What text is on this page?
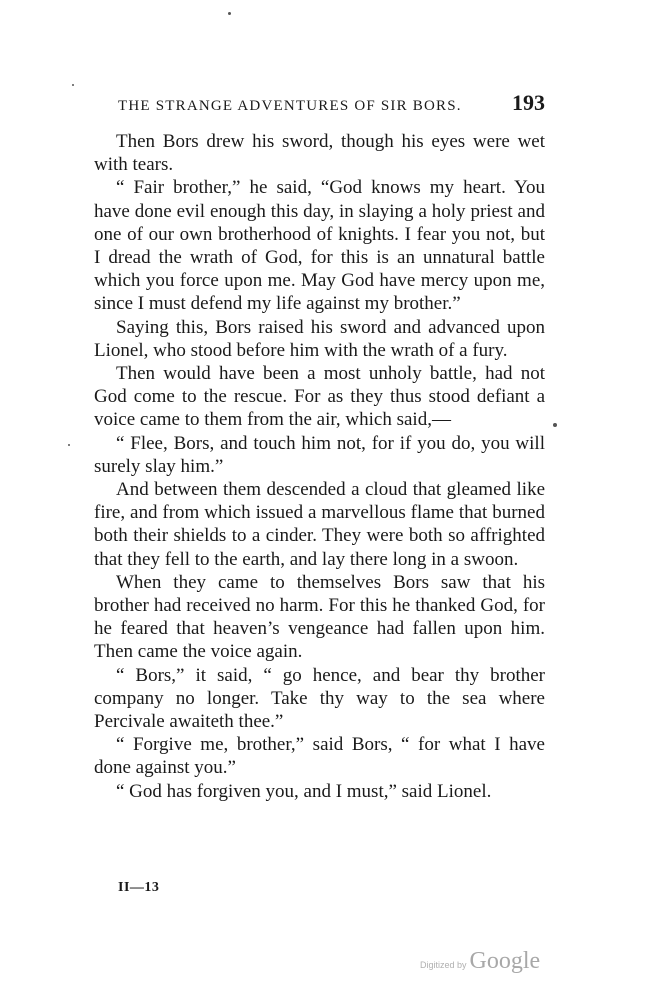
THE STRANGE ADVENTURES OF SIR BORS. 193

Then Bors drew his sword, though his eyes were wet with tears.

“ Fair brother,” he said, “God knows my heart. You have done evil enough this day, in slaying a holy priest and one of our own brotherhood of knights. I fear you not, but I dread the wrath of God, for this is an unnatural battle which you force upon me. May God have mercy upon me, since I must defend my life against my brother.”

Saying this, Bors raised his sword and advanced upon Lionel, who stood before him with the wrath of a fury.

Then would have been a most unholy battle, had not God come to the rescue. For as they thus stood defiant a voice came to them from the air, which said,—

“ Flee, Bors, and touch him not, for if you do, you will surely slay him.”

And between them descended a cloud that gleamed like fire, and from which issued a marvellous flame that burned both their shields to a cinder. They were both so affrighted that they fell to the earth, and lay there long in a swoon.

When they came to themselves Bors saw that his brother had received no harm. For this he thanked God, for he feared that heaven’s vengeance had fallen upon him. Then came the voice again.

“ Bors,” it said, “ go hence, and bear thy brother company no longer. Take thy way to the sea where Percivale awaiteth thee.”

“ Forgive me, brother,” said Bors, “ for what I have done against you.”

“ God has forgiven you, and I must,” said Lionel.

II—13
Digitized by Google
